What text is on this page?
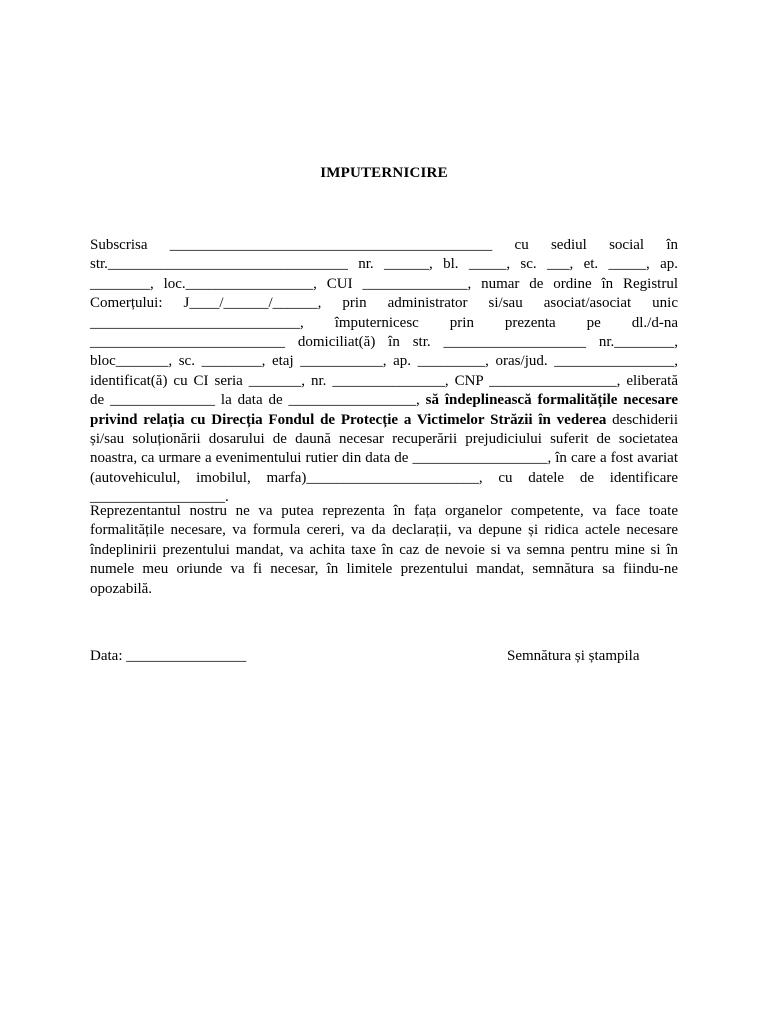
IMPUTERNICIRE
Subscrisa ___________________________________________ cu sediul social în
str.________________________________ nr. ______, bl. _____, sc. ___, et. _____, ap.
________, loc._________________, CUI ______________, numar de ordine în Registrul
Comerțului: J____/______/______, prin administrator si/sau asociat/asociat unic
____________________________, împuternicesc prin prezenta pe dl./d-na
__________________________ domiciliat(ă) în str. ___________________ nr.________,
bloc_______, sc. ________, etaj ___________, ap. _________, oras/jud. ________________,
identificat(ă) cu CI seria _______, nr. _______________, CNP _________________, eliberată
de ______________ la data de _________________, să îndeplinească formalitățile necesare
privind relația cu Direcția Fondul de Protecție a Victimelor Străzii în vederea deschiderii
și/sau soluționării dosarului de daună necesar recuperării prejudiciului suferit de societatea
noastra, ca urmare a evenimentului rutier din data de __________________, în care a fost avariat
(autovehiculul, imobilul, marfa)_______________________, cu datele de identificare
__________________.
Reprezentantul nostru ne va putea reprezenta în fața organelor competente, va face toate
formalitățile necesare, va formula cereri, va da declarații, va depune și ridica actele necesare
îndeplinirii prezentului mandat, va achita taxe în caz de nevoie si va semna pentru mine si în
numele meu oriunde va fi necesar, în limitele prezentului mandat, semnătura sa fiindu-ne
opozabilă.
Data: ________________	Semnătura și ștampila
